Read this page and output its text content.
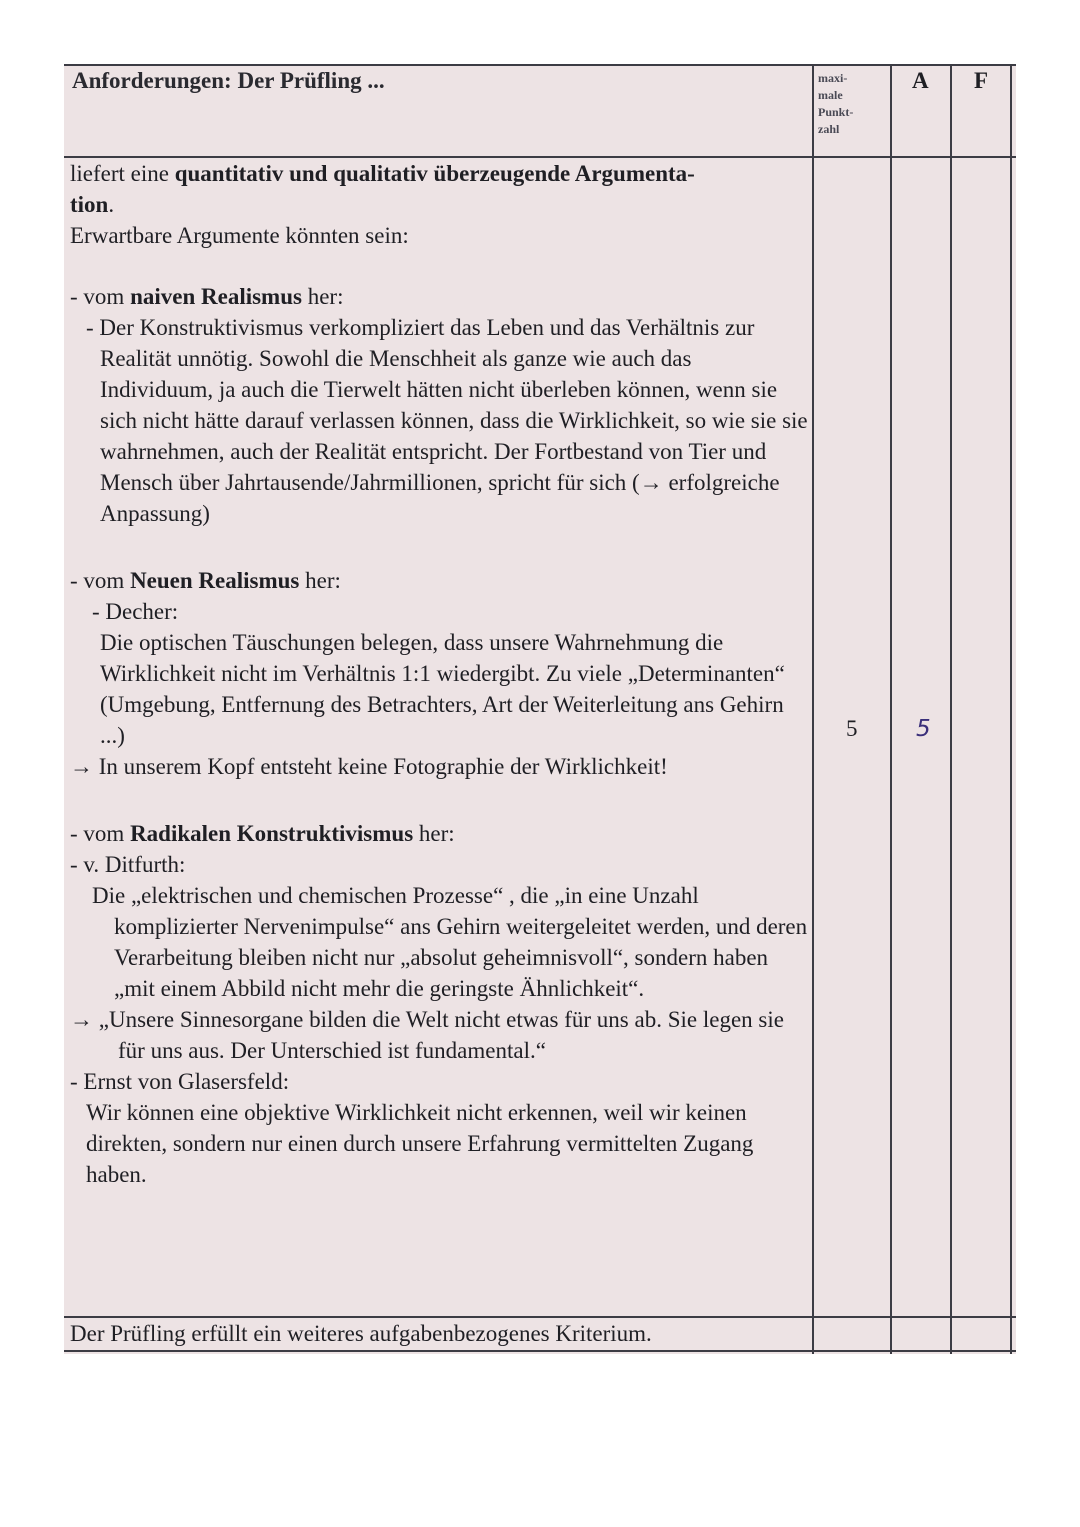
Anforderungen: Der Prüfling ...	maxi-
male
Punkt-
zahl
A F

liefert eine quantitativ und qualitativ überzeugende Argumenta-
tion.

Erwartbare Argumente könnten sein:

- vom naiven Realismus her:

- Der Konstruktivismus verkompliziert das Leben und das Verhältnis zur Realität unnötig. Sowohl die Menschheit als ganze wie auch das Individuum, ja auch die Tierwelt hätten nicht überleben können, wenn sie sich nicht hätte darauf verlassen können, dass die Wirklichkeit, so wie sie sie wahrnehmen, auch der Realität entspricht. Der Fortbestand von Tier und Mensch über Jahrtausende/Jahrmillionen, spricht für sich (→ erfolgreiche Anpassung)

- vom Neuen Realismus her:

- Decher:

Die optischen Täuschungen belegen, dass unsere Wahrnehmung die Wirklichkeit nicht im Verhältnis 1:1 wiedergibt. Zu viele „Determinanten“ (Umgebung, Entfernung des Betrachters, Art der Weiterleitung ans Gehirn ...)

→ In unserem Kopf entsteht keine Fotographie der Wirklichkeit!

- vom Radikalen Konstruktivismus her:

- v. Ditfurth:

Die „elektrischen und chemischen Prozesse“ , die „in eine Unzahl komplizierter Nervenimpulse“ ans Gehirn weitergeleitet werden, und deren Verarbeitung bleiben nicht nur „absolut geheimnisvoll“, sondern haben „mit einem Abbild nicht mehr die geringste Ähnlichkeit“.

→ „Unsere Sinnesorgane bilden die Welt nicht etwas für uns ab. Sie legen sie für uns aus. Der Unterschied ist fundamental.“

- Ernst von Glasersfeld:

Wir können eine objektive Wirklichkeit nicht erkennen, weil wir keinen direkten, sondern nur einen durch unsere Erfahrung vermittelten Zugang haben.

Der Prüfling erfüllt ein weiteres aufgabenbezogenes Kriterium.
5	5
